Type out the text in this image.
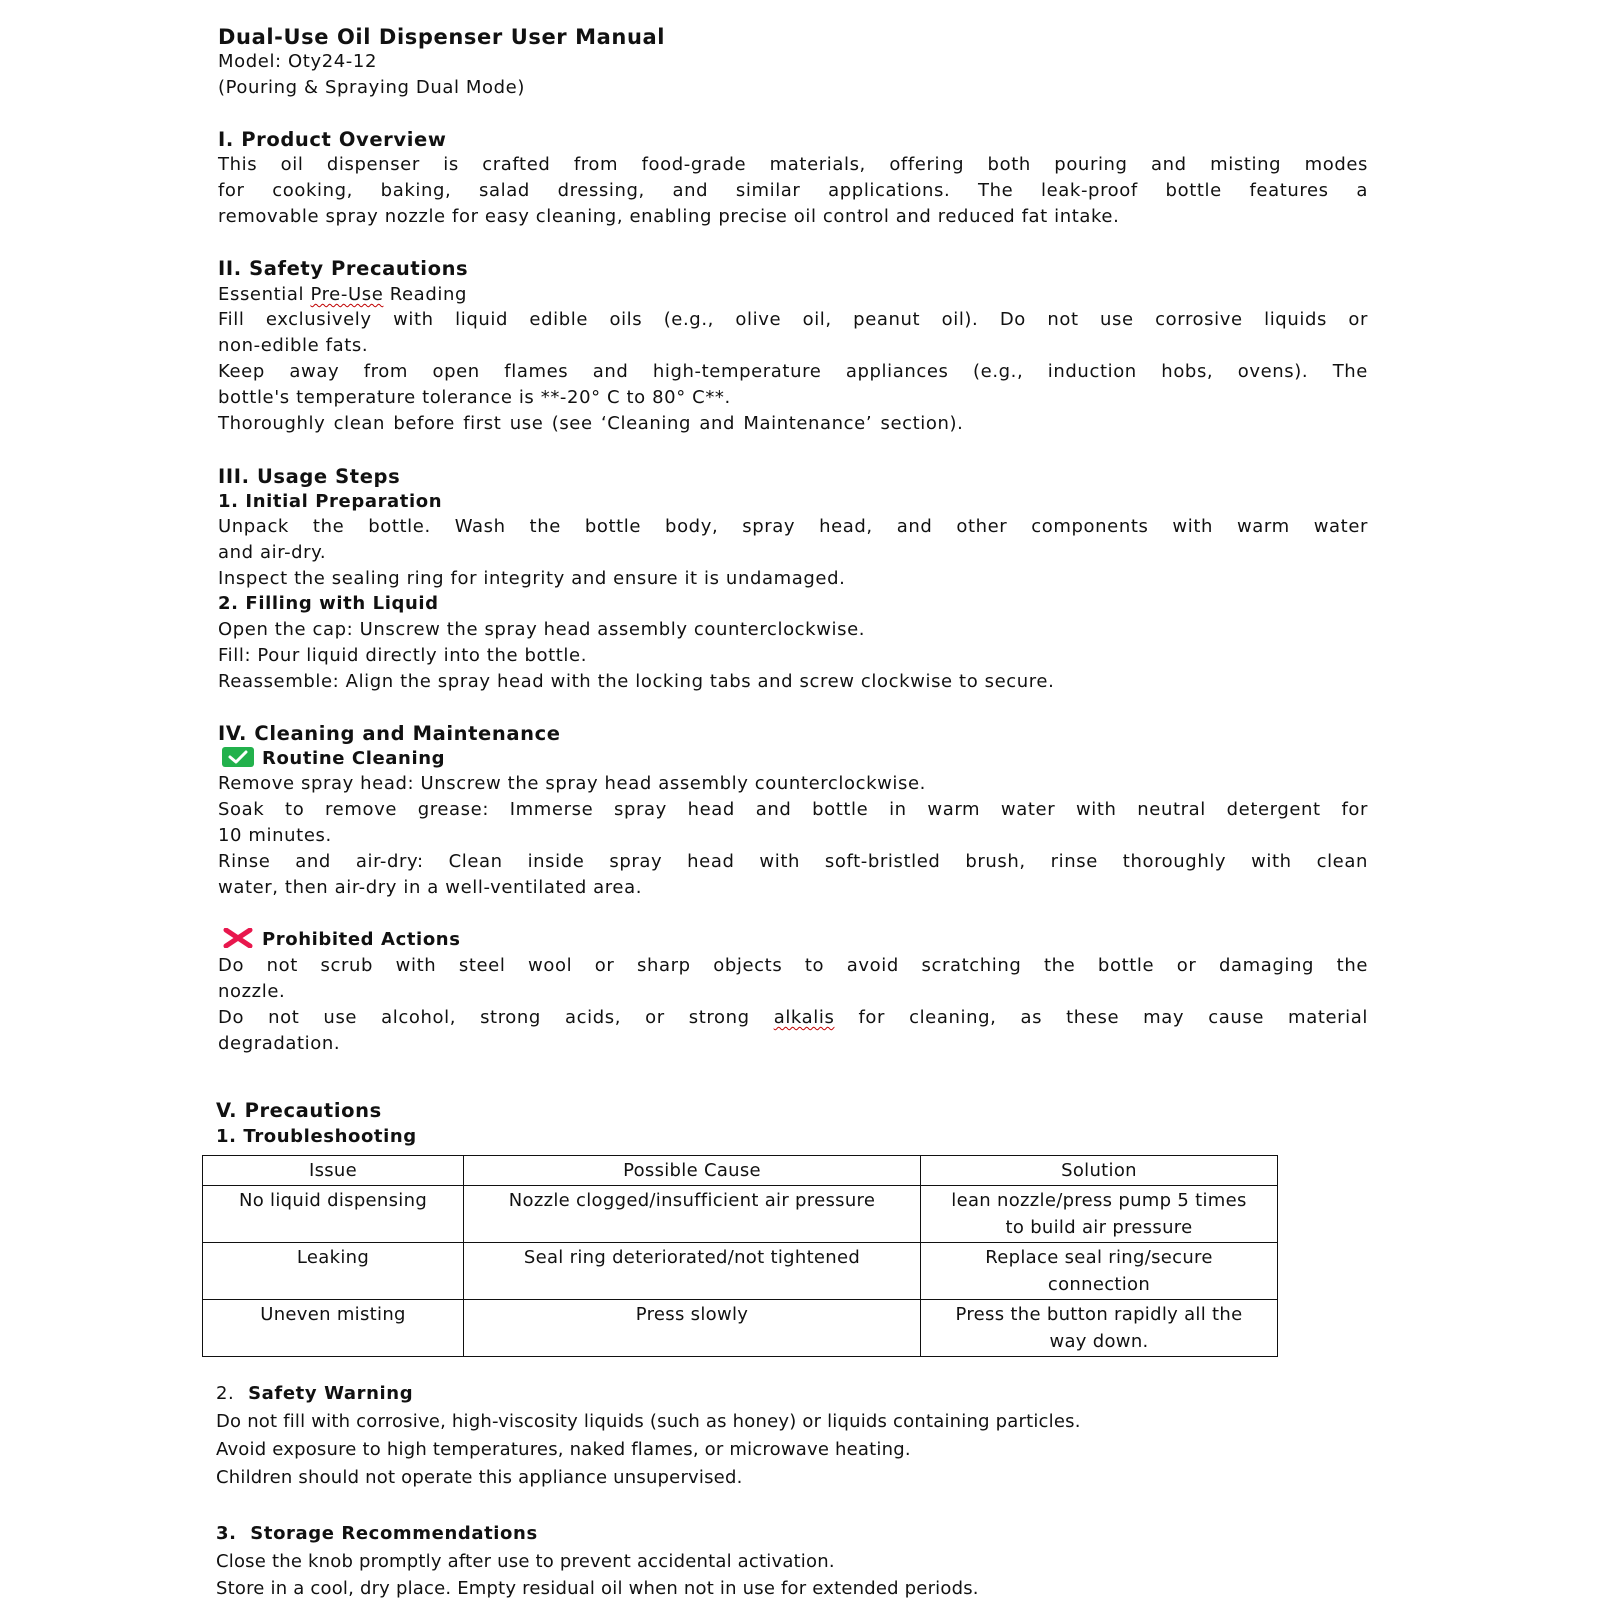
Dual-Use Oil Dispenser User Manual
Model: Oty24-12
(Pouring & Spraying Dual Mode)
I. Product Overview
This oil dispenser is crafted from food-grade materials, offering both pouring and misting modes
for cooking, baking, salad dressing, and similar applications. The leak-proof bottle features a
removable spray nozzle for easy cleaning, enabling precise oil control and reduced fat intake.
II. Safety Precautions
Essential Pre-Use Reading
Fill exclusively with liquid edible oils (e.g., olive oil, peanut oil). Do not use corrosive liquids or
non-edible fats.
Keep away from open flames and high-temperature appliances (e.g., induction hobs, ovens). The
bottle's temperature tolerance is **-20° C to 80° C**.
Thoroughly clean before first use (see ‘Cleaning and Maintenance’ section).
III. Usage Steps
1. Initial Preparation
Unpack the bottle. Wash the bottle body, spray head, and other components with warm water
and air-dry.
Inspect the sealing ring for integrity and ensure it is undamaged.
2. Filling with Liquid
Open the cap: Unscrew the spray head assembly counterclockwise.
Fill: Pour liquid directly into the bottle.
Reassemble: Align the spray head with the locking tabs and screw clockwise to secure.
IV. Cleaning and Maintenance
Routine Cleaning
Remove spray head: Unscrew the spray head assembly counterclockwise.
Soak to remove grease: Immerse spray head and bottle in warm water with neutral detergent for
10 minutes.
Rinse and air-dry: Clean inside spray head with soft-bristled brush, rinse thoroughly with clean
water, then air-dry in a well-ventilated area.
Prohibited Actions
Do not scrub with steel wool or sharp objects to avoid scratching the bottle or damaging the
nozzle.
Do not use alcohol, strong acids, or strong alkalis for cleaning, as these may cause material
degradation.
V. Precautions
1. Troubleshooting
Issue	Possible Cause	Solution
No liquid dispensing	Nozzle clogged/insufficient air pressure	lean nozzle/press pump 5 times to build air pressure
Leaking	Seal ring deteriorated/not tightened	Replace seal ring/secure connection
Uneven misting	Press slowly	Press the button rapidly all the way down.
2. Safety Warning
Do not fill with corrosive, high-viscosity liquids (such as honey) or liquids containing particles.
Avoid exposure to high temperatures, naked flames, or microwave heating.
Children should not operate this appliance unsupervised.
3. Storage Recommendations
Close the knob promptly after use to prevent accidental activation.
Store in a cool, dry place. Empty residual oil when not in use for extended periods.
